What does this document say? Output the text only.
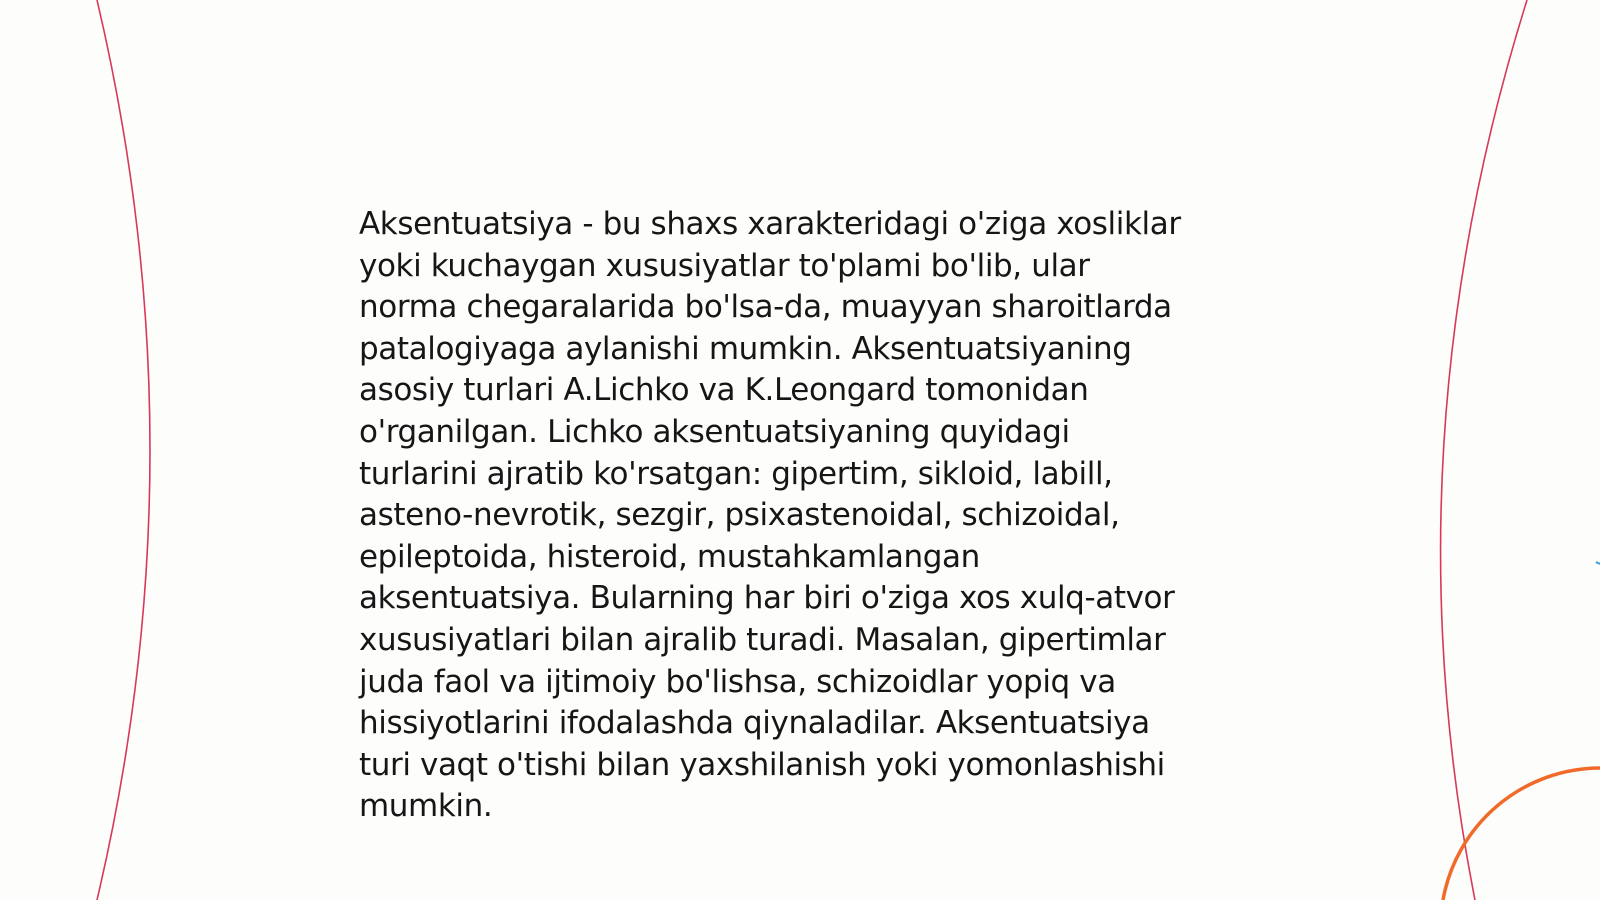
Aksentuatsiya - bu shaxs xarakteridagi o'ziga xosliklar
yoki kuchaygan xususiyatlar to'plami bo'lib, ular
norma chegaralarida bo'lsa-da, muayyan sharoitlarda
patalogiyaga aylanishi mumkin. Aksentuatsiyaning
asosiy turlari A.Lichko va K.Leongard tomonidan
o'rganilgan. Lichko aksentuatsiyaning quyidagi
turlarini ajratib ko'rsatgan: gipertim, sikloid, labill,
asteno-nevrotik, sezgir, psixastenoidal, schizoidal,
epileptoida, histeroid, mustahkamlangan
aksentuatsiya. Bularning har biri o'ziga xos xulq-atvor
xususiyatlari bilan ajralib turadi. Masalan, gipertimlar
juda faol va ijtimoiy bo'lishsa, schizoidlar yopiq va
hissiyotlarini ifodalashda qiynaladilar. Aksentuatsiya
turi vaqt o'tishi bilan yaxshilanish yoki yomonlashishi
mumkin.
